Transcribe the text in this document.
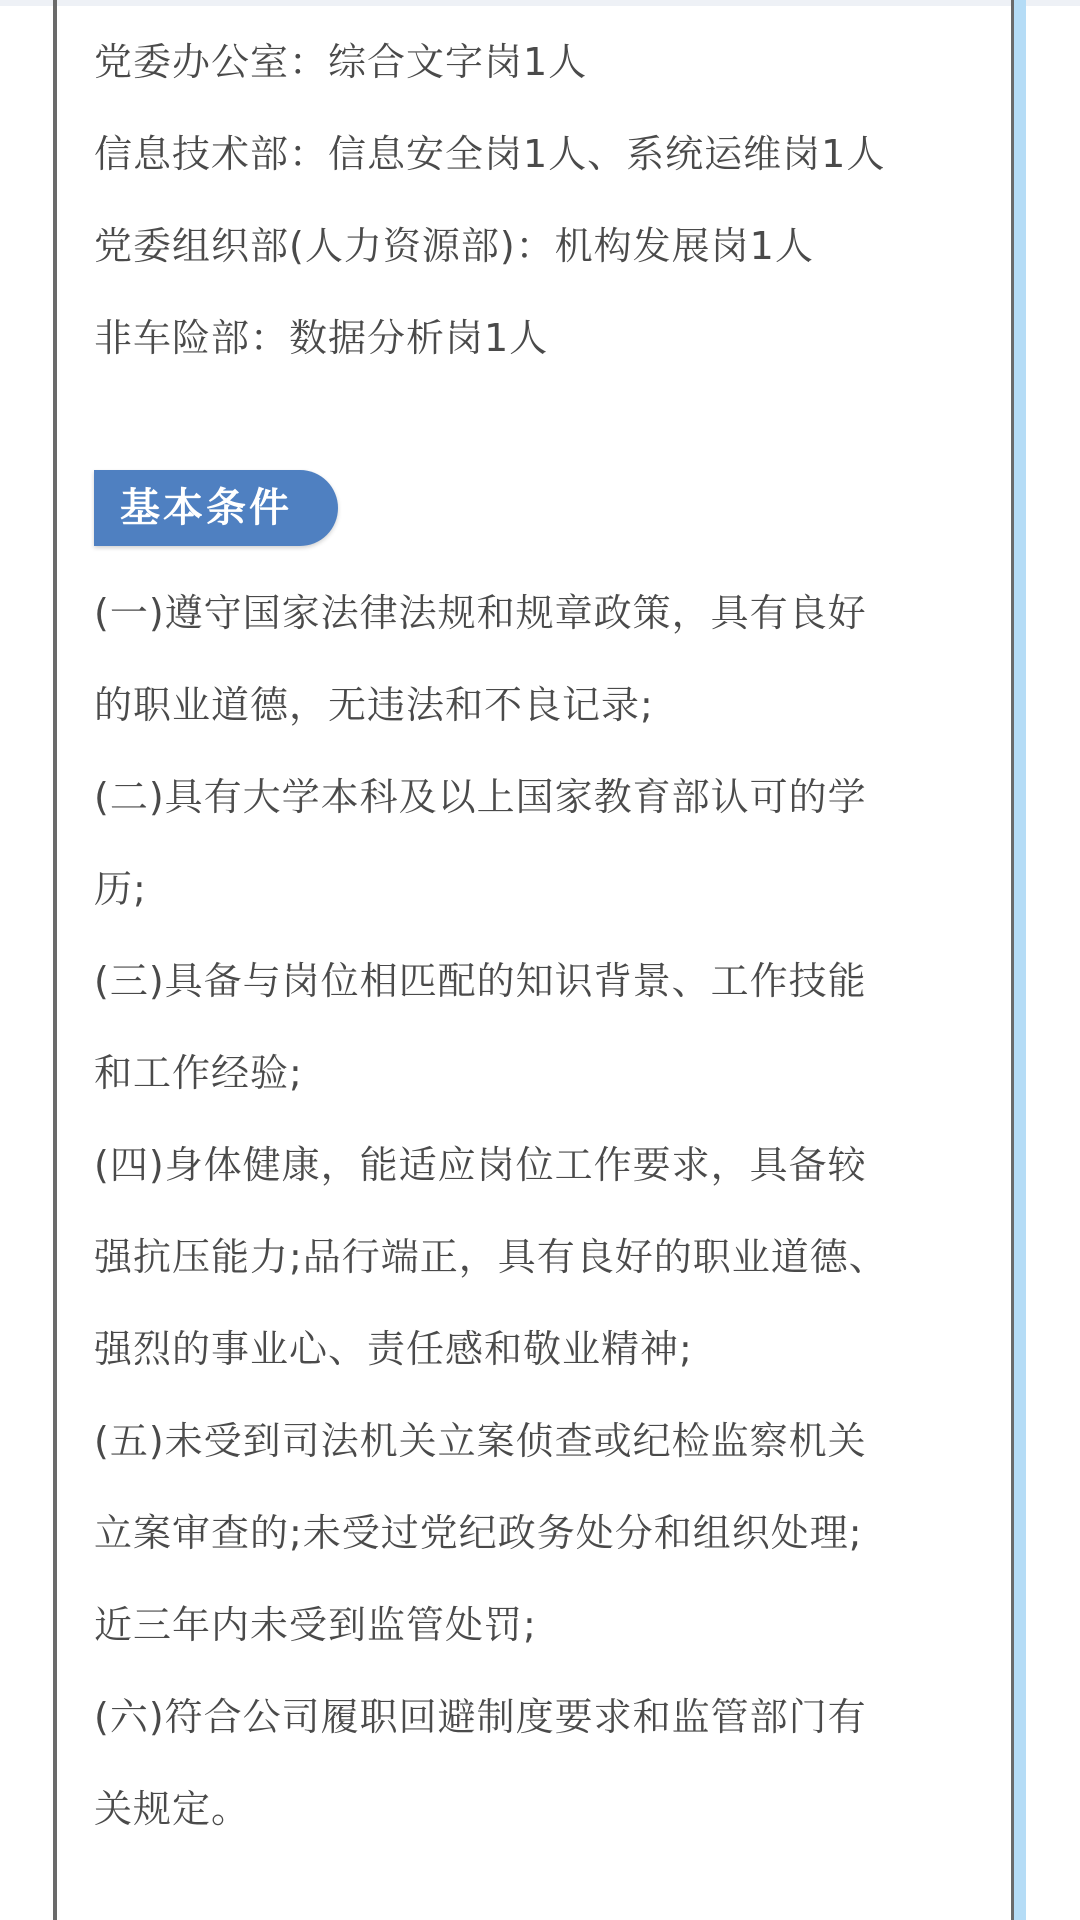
党委办公室：综合文字岗1人
信息技术部：信息安全岗1人、系统运维岗1人
党委组织部(人力资源部)：机构发展岗1人
非车险部：数据分析岗1人
基本条件
(一)遵守国家法律法规和规章政策，具有良好
的职业道德，无违法和不良记录;
(二)具有大学本科及以上国家教育部认可的学
历;
(三)具备与岗位相匹配的知识背景、工作技能
和工作经验;
(四)身体健康，能适应岗位工作要求，具备较
强抗压能力;品行端正，具有良好的职业道德、
强烈的事业心、责任感和敬业精神;
(五)未受到司法机关立案侦查或纪检监察机关
立案审查的;未受过党纪政务处分和组织处理;
近三年内未受到监管处罚;
(六)符合公司履职回避制度要求和监管部门有
关规定。
